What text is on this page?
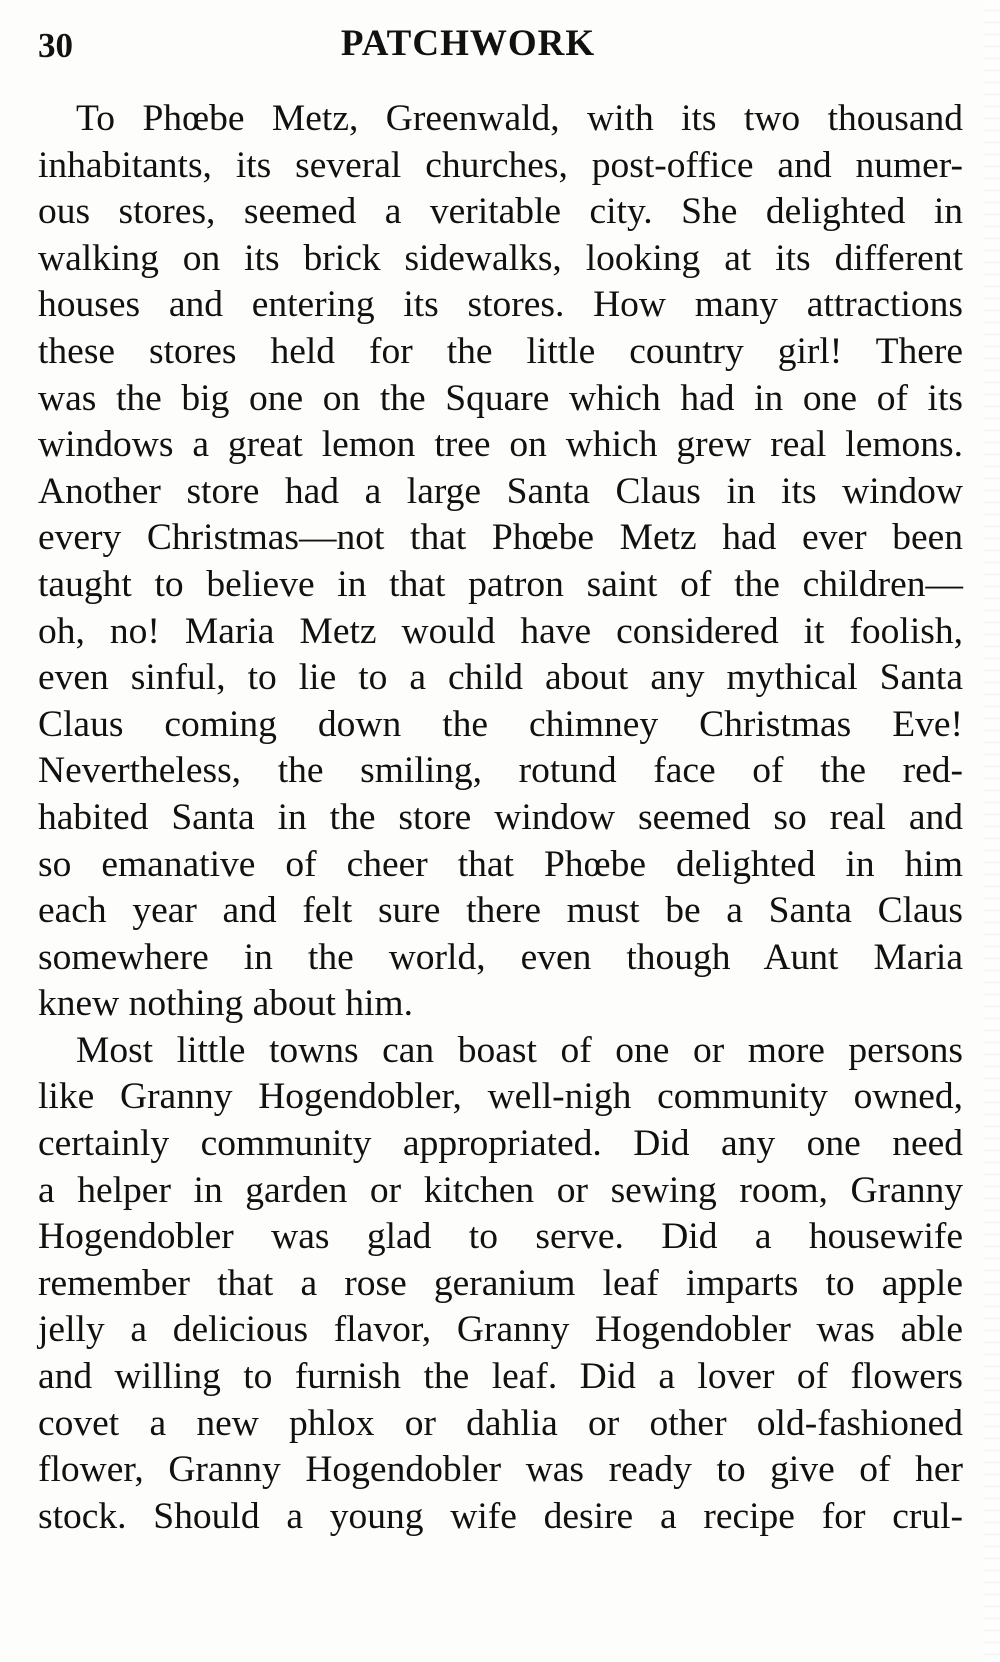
30	PATCHWORK
To Phœbe Metz, Greenwald, with its two thousand
inhabitants, its several churches, post-office and numer-
ous stores, seemed a veritable city. She delighted in
walking on its brick sidewalks, looking at its different
houses and entering its stores. How many attractions
these stores held for the little country girl! There
was the big one on the Square which had in one of its
windows a great lemon tree on which grew real lemons.
Another store had a large Santa Claus in its window
every Christmas—not that Phœbe Metz had ever been
taught to believe in that patron saint of the children—
oh, no! Maria Metz would have considered it foolish,
even sinful, to lie to a child about any mythical Santa
Claus coming down the chimney Christmas Eve!
Nevertheless, the smiling, rotund face of the red-
habited Santa in the store window seemed so real and
so emanative of cheer that Phœbe delighted in him
each year and felt sure there must be a Santa Claus
somewhere in the world, even though Aunt Maria
knew nothing about him.
Most little towns can boast of one or more persons
like Granny Hogendobler, well-nigh community owned,
certainly community appropriated. Did any one need
a helper in garden or kitchen or sewing room, Granny
Hogendobler was glad to serve. Did a housewife
remember that a rose geranium leaf imparts to apple
jelly a delicious flavor, Granny Hogendobler was able
and willing to furnish the leaf. Did a lover of flowers
covet a new phlox or dahlia or other old-fashioned
flower, Granny Hogendobler was ready to give of her
stock. Should a young wife desire a recipe for crul-
